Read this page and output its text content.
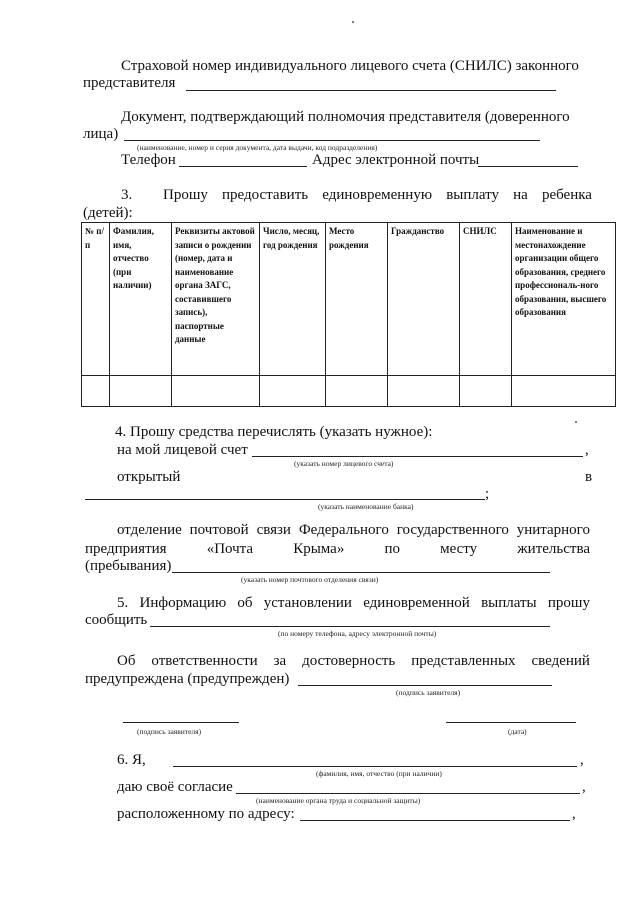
Страховой номер индивидуального лицевого счета (СНИЛС) законного
представителя
Документ, подтверждающий полномочия представителя (доверенного
лица)
(наименование, номер и серия документа, дата выдачи, код подразделения)
Телефон	Адрес электронной почты
3. Прошу предоставить единовременную выплату на ребенка
(детей):
№ п/п	Фамилия, имя, отчество (при наличии)	Реквизиты актовой записи о рождении (номер, дата и наименование органа ЗАГС, составившего запись), паспортные данные	Число, месяц, год рождения	Место рождения	Гражданство	СНИЛС	Наименование и местонахождение организации общего образования, среднего профессиональ-ного образования, высшего образования

4. Прошу средства перечислять (указать нужное):
на мой лицевой счет	,
(указать номер лицевого счета)
открытый	в
;
(указать наименование банка)
отделение почтовой связи Федерального государственного унитарного
предприятия	«Почта	Крыма»	по	месту	жительства
(пребывания)
(указать номер почтового отделения связи)
5. Информацию об установлении единовременной выплаты прошу
сообщить
(по номеру телефона, адресу электронной почты)
Об ответственности за достоверность представленных сведений
предупреждена (предупрежден)
(подпись заявителя)
(подпись заявителя)	(дата)
6. Я,	,
(фамилия, имя, отчество (при наличии)
даю своё согласие	,
(наименование органа труда и социальной защиты)
расположенному по адресу:	,
